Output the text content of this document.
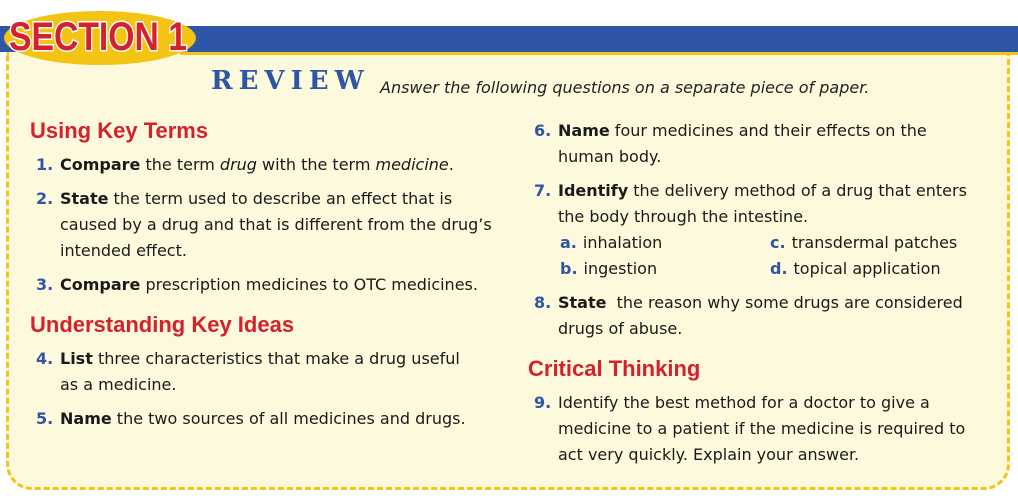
SECTION 1
REVIEW Answer the following questions on a separate piece of paper.
Using Key Terms
1. Compare the term drug with the term medicine.
2. State the term used to describe an effect that is caused by a drug and that is different from the drug’s intended effect.
3. Compare prescription medicines to OTC medicines.
Understanding Key Ideas
4. List three characteristics that make a drug useful as a medicine.
5. Name the two sources of all medicines and drugs.
6. Name four medicines and their effects on the human body.
7. Identify the delivery method of a drug that enters the body through the intestine.
a. inhalation	c. transdermal patches
b. ingestion	d. topical application
8. State  the reason why some drugs are considered drugs of abuse.
Critical Thinking
9. Identify the best method for a doctor to give a medicine to a patient if the medicine is required to act very quickly. Explain your answer.
